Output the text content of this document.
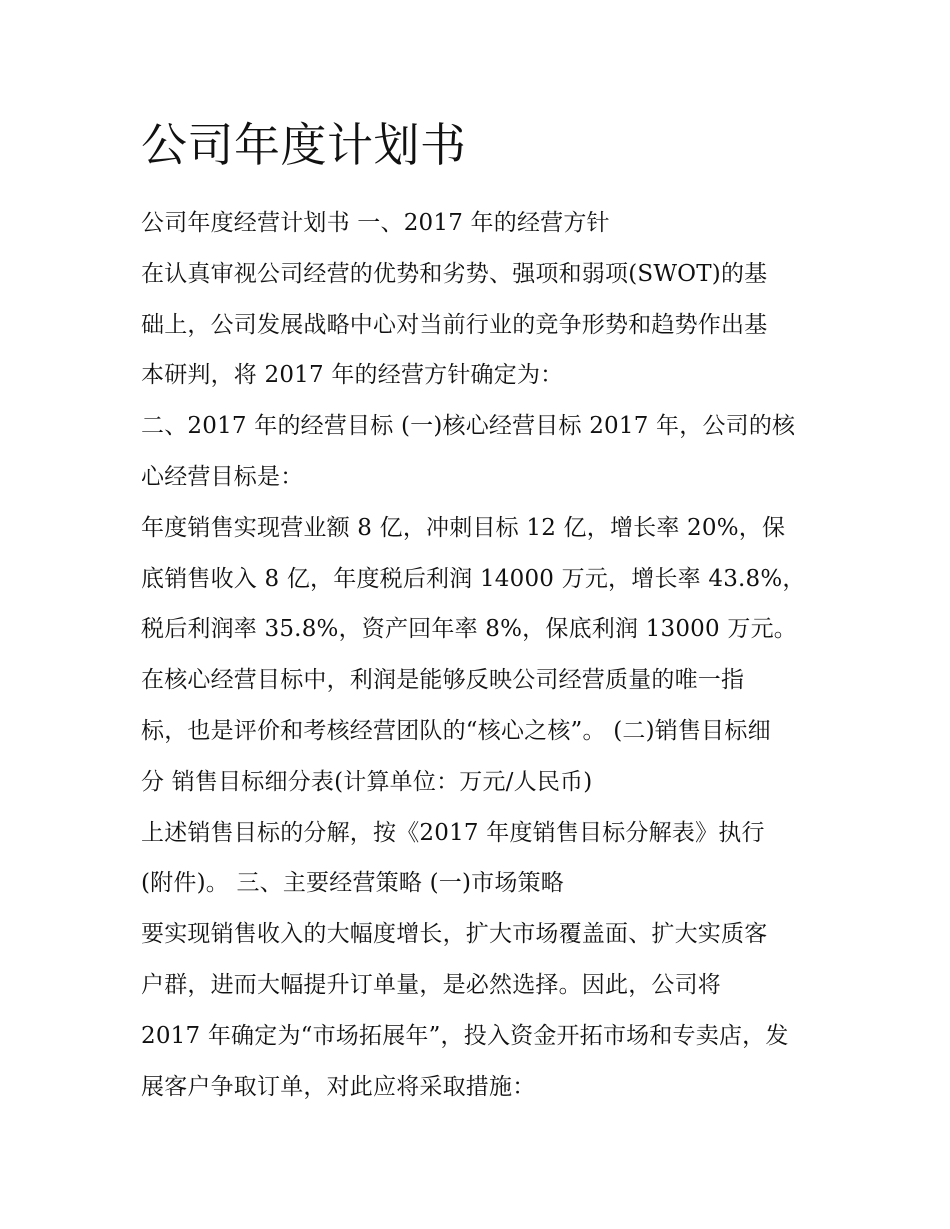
公司年度计划书
公司年度经营计划书 一、2017 年的经营方针
在认真审视公司经营的优势和劣势、强项和弱项(SWOT)的基
础上，公司发展战略中心对当前行业的竞争形势和趋势作出基
本研判，将 2017 年的经营方针确定为：
二、2017 年的经营目标 (一)核心经营目标 2017 年，公司的核
心经营目标是：
年度销售实现营业额 8 亿，冲刺目标 12 亿，增长率 20%，保
底销售收入 8 亿，年度税后利润 14000 万元，增长率 43.8%，
税后利润率 35.8%，资产回年率 8%，保底利润 13000 万元。
在核心经营目标中，利润是能够反映公司经营质量的唯一指
标，也是评价和考核经营团队的“核心之核”。 (二)销售目标细
分 销售目标细分表(计算单位：万元/人民币)
上述销售目标的分解，按《2017 年度销售目标分解表》执行
(附件)。 三、主要经营策略 (一)市场策略
要实现销售收入的大幅度增长，扩大市场覆盖面、扩大实质客
户群，进而大幅提升订单量，是必然选择。因此，公司将
2017 年确定为“市场拓展年”，投入资金开拓市场和专卖店，发
展客户争取订单，对此应将采取措施：
